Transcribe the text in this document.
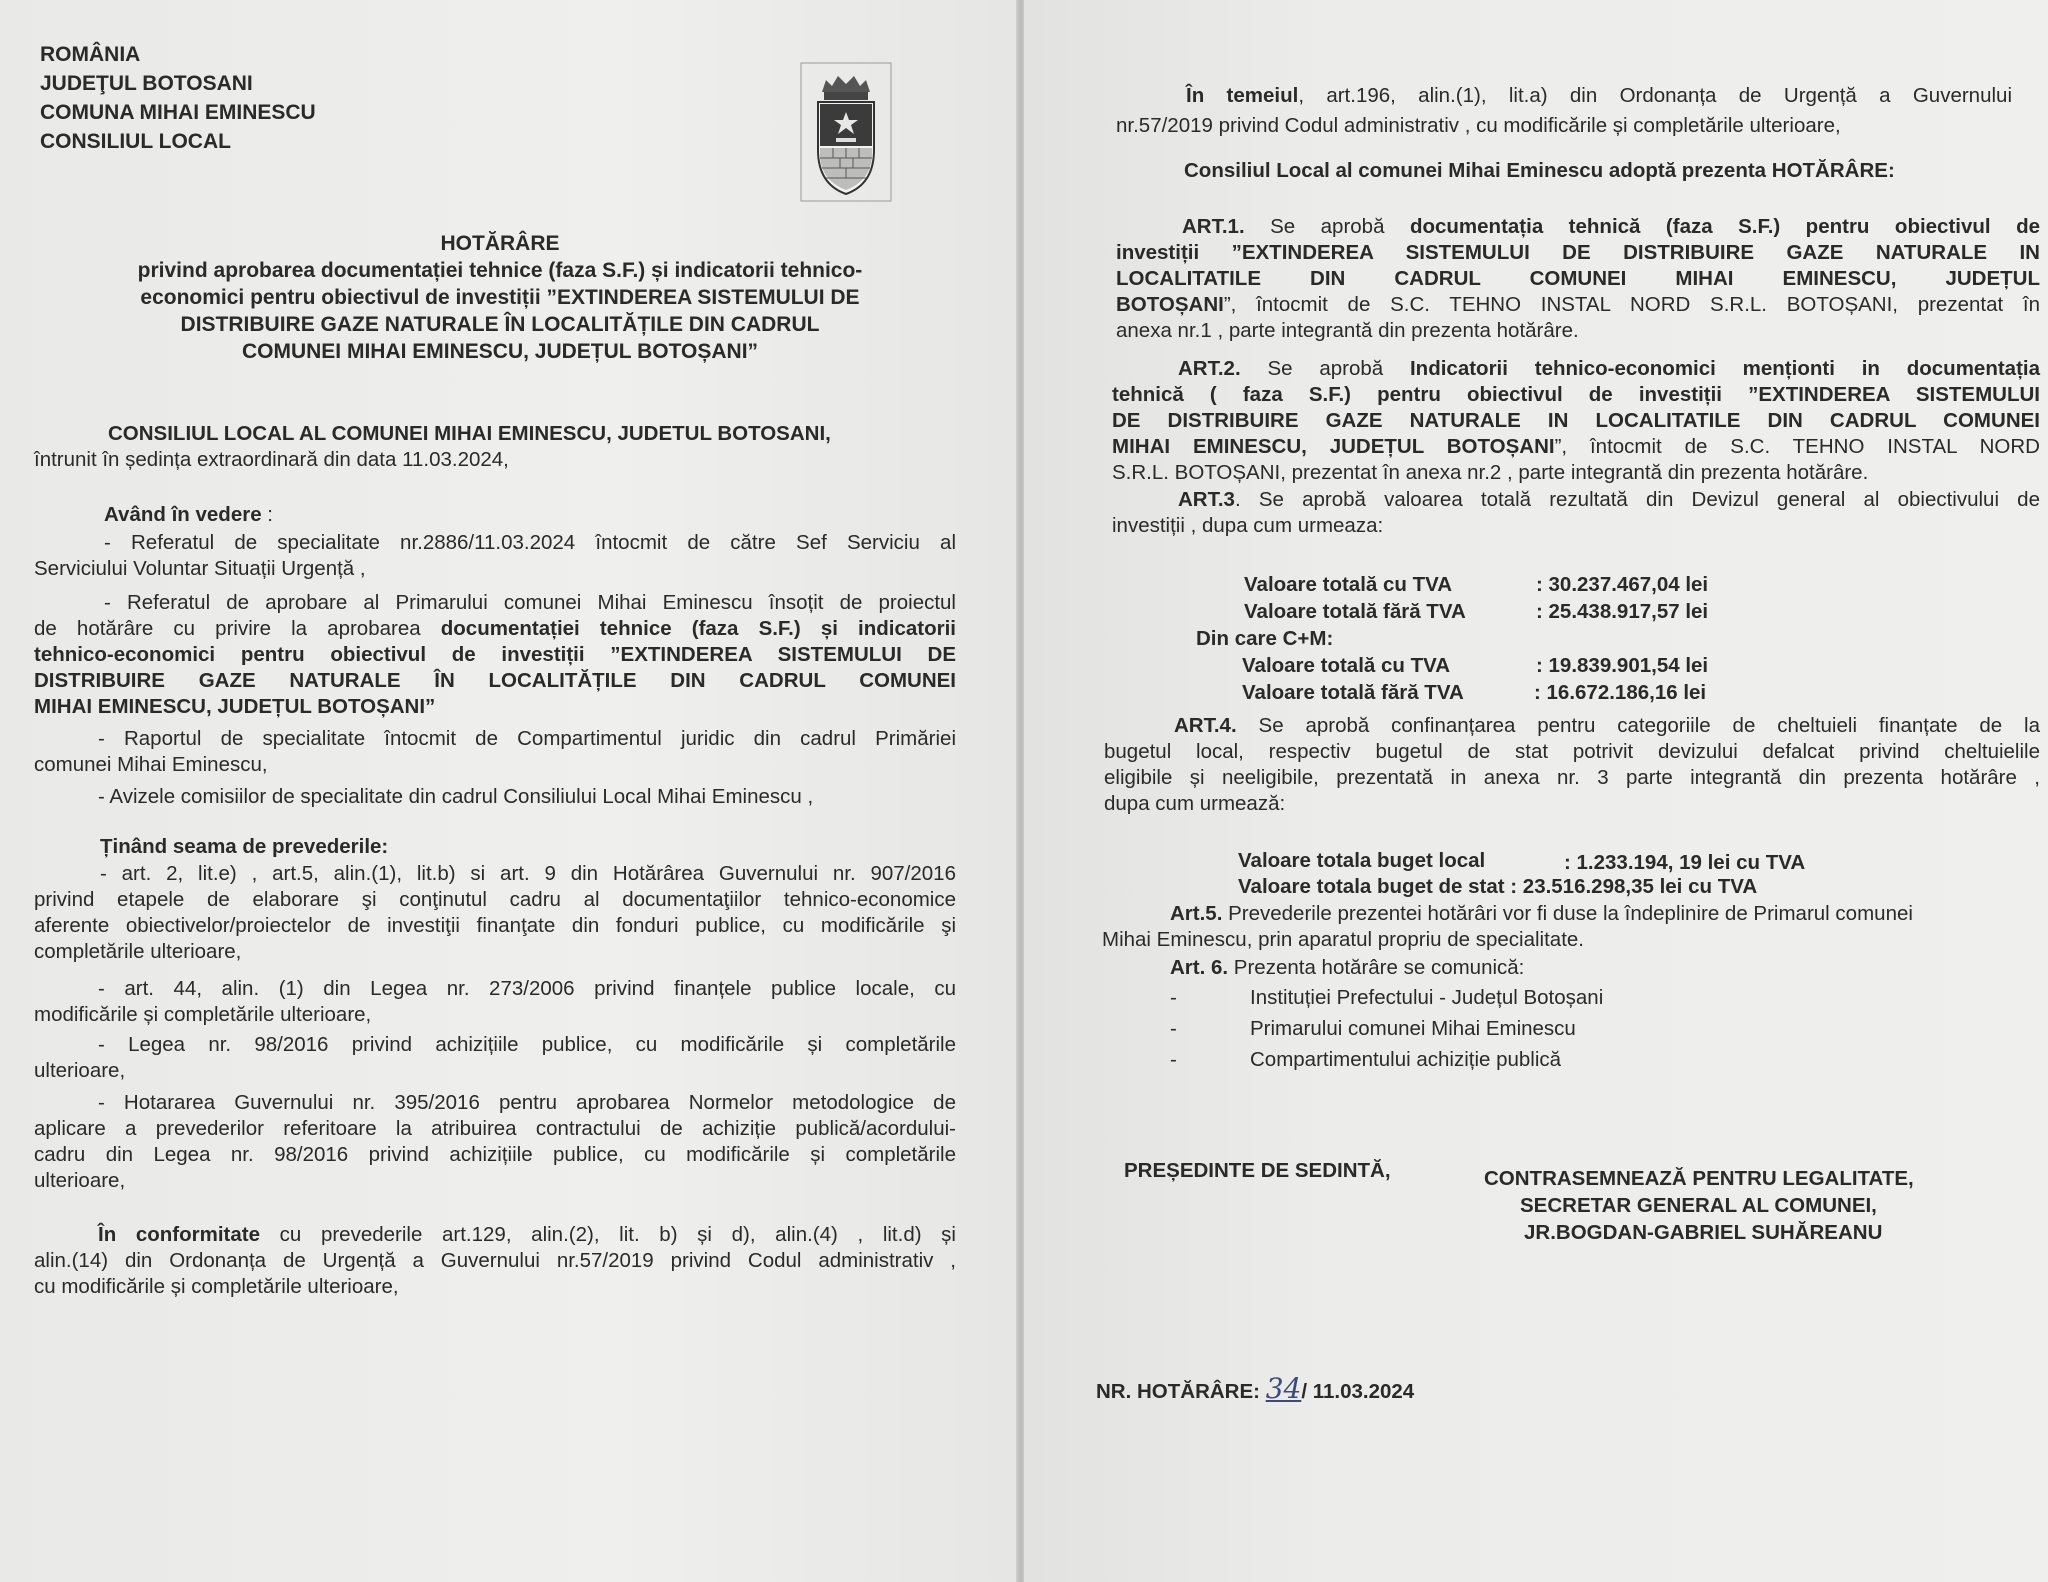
ROMÂNIA
JUDEŢUL BOTOSANI
COMUNA MIHAI EMINESCU
CONSILIUL LOCAL
HOTĂRÂRE
privind aprobarea documentației tehnice (faza S.F.) și indicatorii tehnico-
economici pentru obiectivul de investiții ”EXTINDEREA SISTEMULUI DE
DISTRIBUIRE GAZE NATURALE ÎN LOCALITĂȚILE DIN CADRUL
COMUNEI MIHAI EMINESCU, JUDEȚUL BOTOȘANI”
CONSILIUL LOCAL AL COMUNEI MIHAI EMINESCU, JUDETUL BOTOSANI,
întrunit în ședința extraordinară din data 11.03.2024,
Având în vedere :
- Referatul de specialitate nr.2886/11.03.2024 întocmit de către Sef Serviciu al
Serviciului Voluntar Situații Urgență ,
- Referatul de aprobare al Primarului comunei Mihai Eminescu însoțit de proiectul
de hotărâre cu privire la aprobarea documentației tehnice (faza S.F.) și indicatorii
tehnico-economici pentru obiectivul de investiții ”EXTINDEREA SISTEMULUI DE
DISTRIBUIRE GAZE NATURALE ÎN LOCALITĂȚILE DIN CADRUL COMUNEI
MIHAI EMINESCU, JUDEȚUL BOTOȘANI”
- Raportul de specialitate întocmit de Compartimentul juridic din cadrul Primăriei
comunei Mihai Eminescu,
- Avizele comisiilor de specialitate din cadrul Consiliului Local Mihai Eminescu ,
Ținând seama de prevederile:
- art. 2, lit.e) , art.5, alin.(1), lit.b) si art. 9 din Hotărârea Guvernului nr. 907/2016
privind etapele de elaborare şi conţinutul cadru al documentaţiilor tehnico-economice
aferente obiectivelor/proiectelor de investiţii finanţate din fonduri publice, cu modificările şi
completările ulterioare,
- art. 44, alin. (1) din Legea nr. 273/2006 privind finanțele publice locale, cu
modificările și completările ulterioare,
- Legea nr. 98/2016 privind achizițiile publice, cu modificările și completările
ulterioare,
- Hotararea Guvernului nr. 395/2016 pentru aprobarea Normelor metodologice de
aplicare a prevederilor referitoare la atribuirea contractului de achiziție publică/acordului-
cadru din Legea nr. 98/2016 privind achizițiile publice, cu modificările și completările
ulterioare,
În conformitate cu prevederile art.129, alin.(2), lit. b) și d), alin.(4) , lit.d) și
alin.(14) din Ordonanța de Urgență a Guvernului nr.57/2019 privind Codul administrativ ,
cu modificările și completările ulterioare,
În temeiul, art.196, alin.(1), lit.a) din Ordonanța de Urgență a Guvernului
nr.57/2019 privind Codul administrativ , cu modificările și completările ulterioare,
Consiliul Local al comunei Mihai Eminescu adoptă prezenta HOTĂRÂRE:
ART.1. Se aprobă documentația tehnică (faza S.F.) pentru obiectivul de
investiții ”EXTINDEREA SISTEMULUI DE DISTRIBUIRE GAZE NATURALE IN
LOCALITATILE DIN CADRUL COMUNEI MIHAI EMINESCU, JUDEȚUL
BOTOȘANI”, întocmit de S.C. TEHNO INSTAL NORD S.R.L. BOTOȘANI, prezentat în
anexa nr.1 , parte integrantă din prezenta hotărâre.
ART.2. Se aprobă Indicatorii tehnico-economici menționti in documentația
tehnică ( faza S.F.) pentru obiectivul de investiții ”EXTINDEREA SISTEMULUI
DE DISTRIBUIRE GAZE NATURALE IN LOCALITATILE DIN CADRUL COMUNEI
MIHAI EMINESCU, JUDEȚUL BOTOȘANI”, întocmit de S.C. TEHNO INSTAL NORD
S.R.L. BOTOȘANI, prezentat în anexa nr.2 , parte integrantă din prezenta hotărâre.
ART.3. Se aprobă valoarea totală rezultată din Devizul general al obiectivului de
investiții , dupa cum urmeaza:
Valoare totală cu TVA	: 30.237.467,04 lei
Valoare totală fără TVA	: 25.438.917,57 lei
Din care C+M:
Valoare totală cu TVA	: 19.839.901,54 lei
Valoare totală fără TVA	: 16.672.186,16 lei
ART.4. Se aprobă confinanțarea pentru categoriile de cheltuieli finanțate de la
bugetul local, respectiv bugetul de stat potrivit devizului defalcat privind cheltuielile
eligibile și neeligibile, prezentată in anexa nr. 3 parte integrantă din prezenta hotărâre ,
dupa cum urmează:
Valoare totala buget local	: 1.233.194, 19 lei cu TVA
Valoare totala buget de stat : 23.516.298,35 lei cu TVA
Art.5. Prevederile prezentei hotărâri vor fi duse la îndeplinire de Primarul comunei
Mihai Eminescu, prin aparatul propriu de specialitate.
Art. 6. Prezenta hotărâre se comunică:
-	Instituției Prefectului - Județul Botoșani
-	Primarului comunei Mihai Eminescu
-	Compartimentului achiziție publică
PREȘEDINTE DE SEDINTĂ,	CONTRASEMNEAZĂ PENTRU LEGALITATE,
SECRETAR GENERAL AL COMUNEI,
JR.BOGDAN-GABRIEL SUHĂREANU
NR. HOTĂRÂRE: 34/ 11.03.2024
